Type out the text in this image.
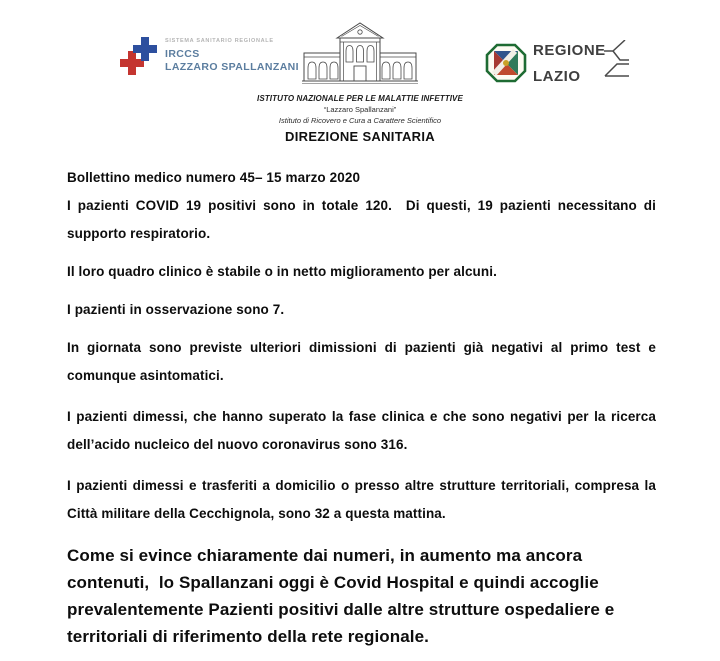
SISTEMA SANITARIO REGIONALE
IRCCS
LAZZARO SPALLANZANI
ISTITUTO NAZIONALE PER LE MALATTIE INFETTIVE
“Lazzaro Spallanzani”
Istituto di Ricovero e Cura a Carattere Scientifico
DIREZIONE SANITARIA
REGIONE
LAZIO

Bollettino medico numero 45– 15 marzo 2020

I pazienti COVID 19 positivi sono in totale 120.  Di questi, 19 pazienti necessitano di supporto respiratorio.

Il loro quadro clinico è stabile o in netto miglioramento per alcuni.

I pazienti in osservazione sono 7.

In giornata sono previste ulteriori dimissioni di pazienti già negativi al primo test e comunque asintomatici.

I pazienti dimessi, che hanno superato la fase clinica e che sono negativi per la ricerca dell’acido nucleico del nuovo coronavirus sono 316.

I pazienti dimessi e trasferiti a domicilio o presso altre strutture territoriali, compresa la Città militare della Cecchignola, sono 32 a questa mattina.

Come si evince chiaramente dai numeri, in aumento ma ancora contenuti,  lo Spallanzani oggi è Covid Hospital e quindi accoglie prevalentemente Pazienti positivi dalle altre strutture ospedaliere e territoriali di riferimento della rete regionale.
